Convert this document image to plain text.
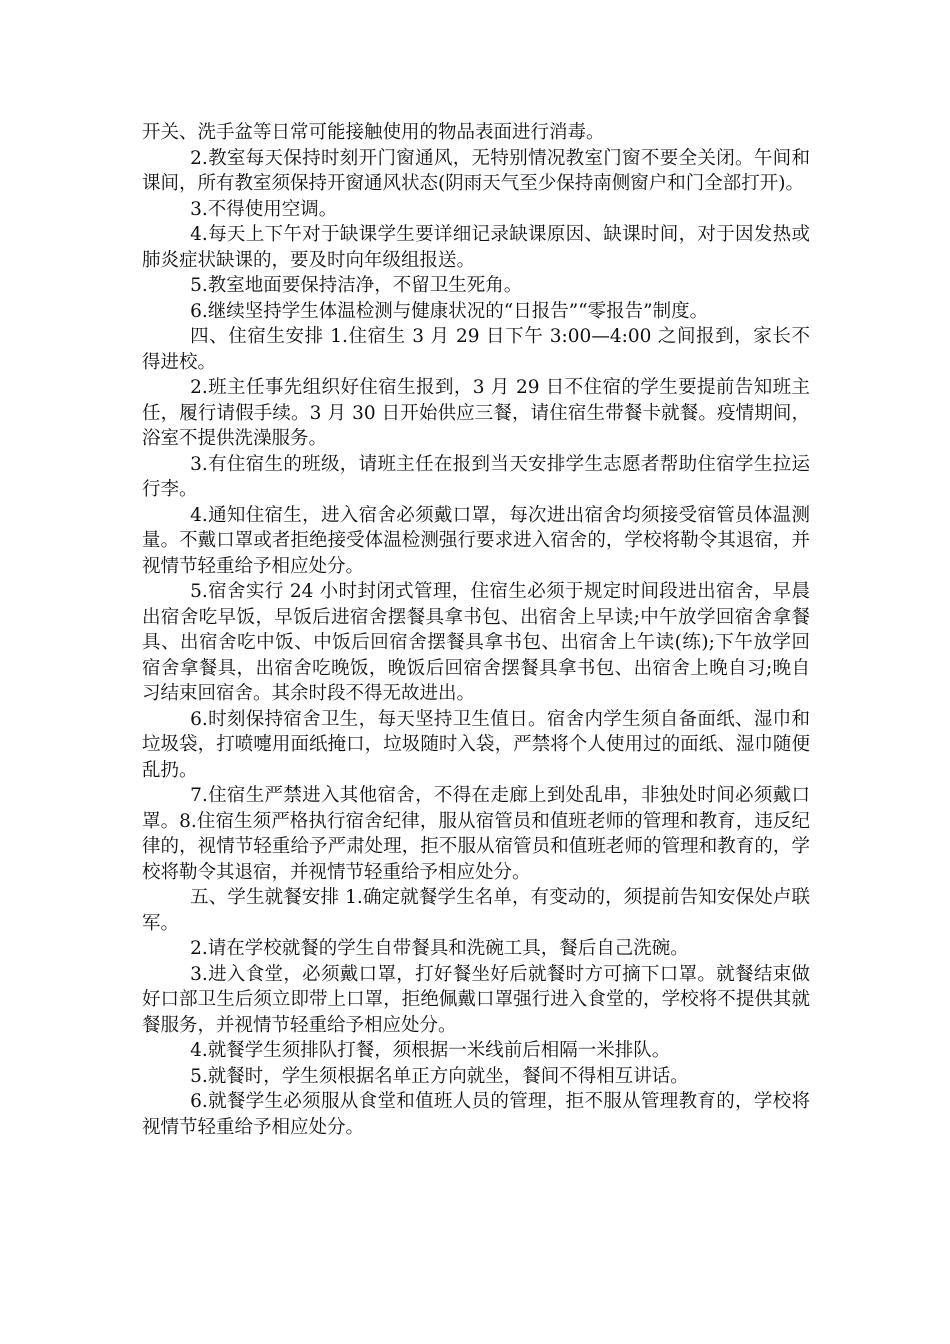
开关、洗手盆等日常可能接触使用的物品表面进行消毒。

2.教室每天保持时刻开门窗通风，无特别情况教室门窗不要全关闭。午间和课间，所有教室须保持开窗通风状态(阴雨天气至少保持南侧窗户和门全部打开)。

3.不得使用空调。

4.每天上下午对于缺课学生要详细记录缺课原因、缺课时间，对于因发热或肺炎症状缺课的，要及时向年级组报送。

5.教室地面要保持洁净，不留卫生死角。

6.继续坚持学生体温检测与健康状况的“日报告”“零报告”制度。

四、住宿生安排 1.住宿生 3 月 29 日下午 3:00—4:00 之间报到，家长不得进校。

2.班主任事先组织好住宿生报到，3 月 29 日不住宿的学生要提前告知班主任，履行请假手续。3 月 30 日开始供应三餐，请住宿生带餐卡就餐。疫情期间，浴室不提供洗澡服务。

3.有住宿生的班级，请班主任在报到当天安排学生志愿者帮助住宿学生拉运行李。

4.通知住宿生，进入宿舍必须戴口罩，每次进出宿舍均须接受宿管员体温测量。不戴口罩或者拒绝接受体温检测强行要求进入宿舍的，学校将勒令其退宿，并视情节轻重给予相应处分。

5.宿舍实行 24 小时封闭式管理，住宿生必须于规定时间段进出宿舍，早晨出宿舍吃早饭，早饭后进宿舍摆餐具拿书包、出宿舍上早读;中午放学回宿舍拿餐具、出宿舍吃中饭、中饭后回宿舍摆餐具拿书包、出宿舍上午读(练);下午放学回宿舍拿餐具，出宿舍吃晚饭，晚饭后回宿舍摆餐具拿书包、出宿舍上晚自习;晚自习结束回宿舍。其余时段不得无故进出。

6.时刻保持宿舍卫生，每天坚持卫生值日。宿舍内学生须自备面纸、湿巾和垃圾袋，打喷嚏用面纸掩口，垃圾随时入袋，严禁将个人使用过的面纸、湿巾随便乱扔。

7.住宿生严禁进入其他宿舍，不得在走廊上到处乱串，非独处时间必须戴口罩。8.住宿生须严格执行宿舍纪律，服从宿管员和值班老师的管理和教育，违反纪律的，视情节轻重给予严肃处理，拒不服从宿管员和值班老师的管理和教育的，学校将勒令其退宿，并视情节轻重给予相应处分。

五、学生就餐安排 1.确定就餐学生名单，有变动的，须提前告知安保处卢联军。

2.请在学校就餐的学生自带餐具和洗碗工具，餐后自己洗碗。

3.进入食堂，必须戴口罩，打好餐坐好后就餐时方可摘下口罩。就餐结束做好口部卫生后须立即带上口罩，拒绝佩戴口罩强行进入食堂的，学校将不提供其就餐服务，并视情节轻重给予相应处分。

4.就餐学生须排队打餐，须根据一米线前后相隔一米排队。

5.就餐时，学生须根据名单正方向就坐，餐间不得相互讲话。

6.就餐学生必须服从食堂和值班人员的管理，拒不服从管理教育的，学校将视情节轻重给予相应处分。
